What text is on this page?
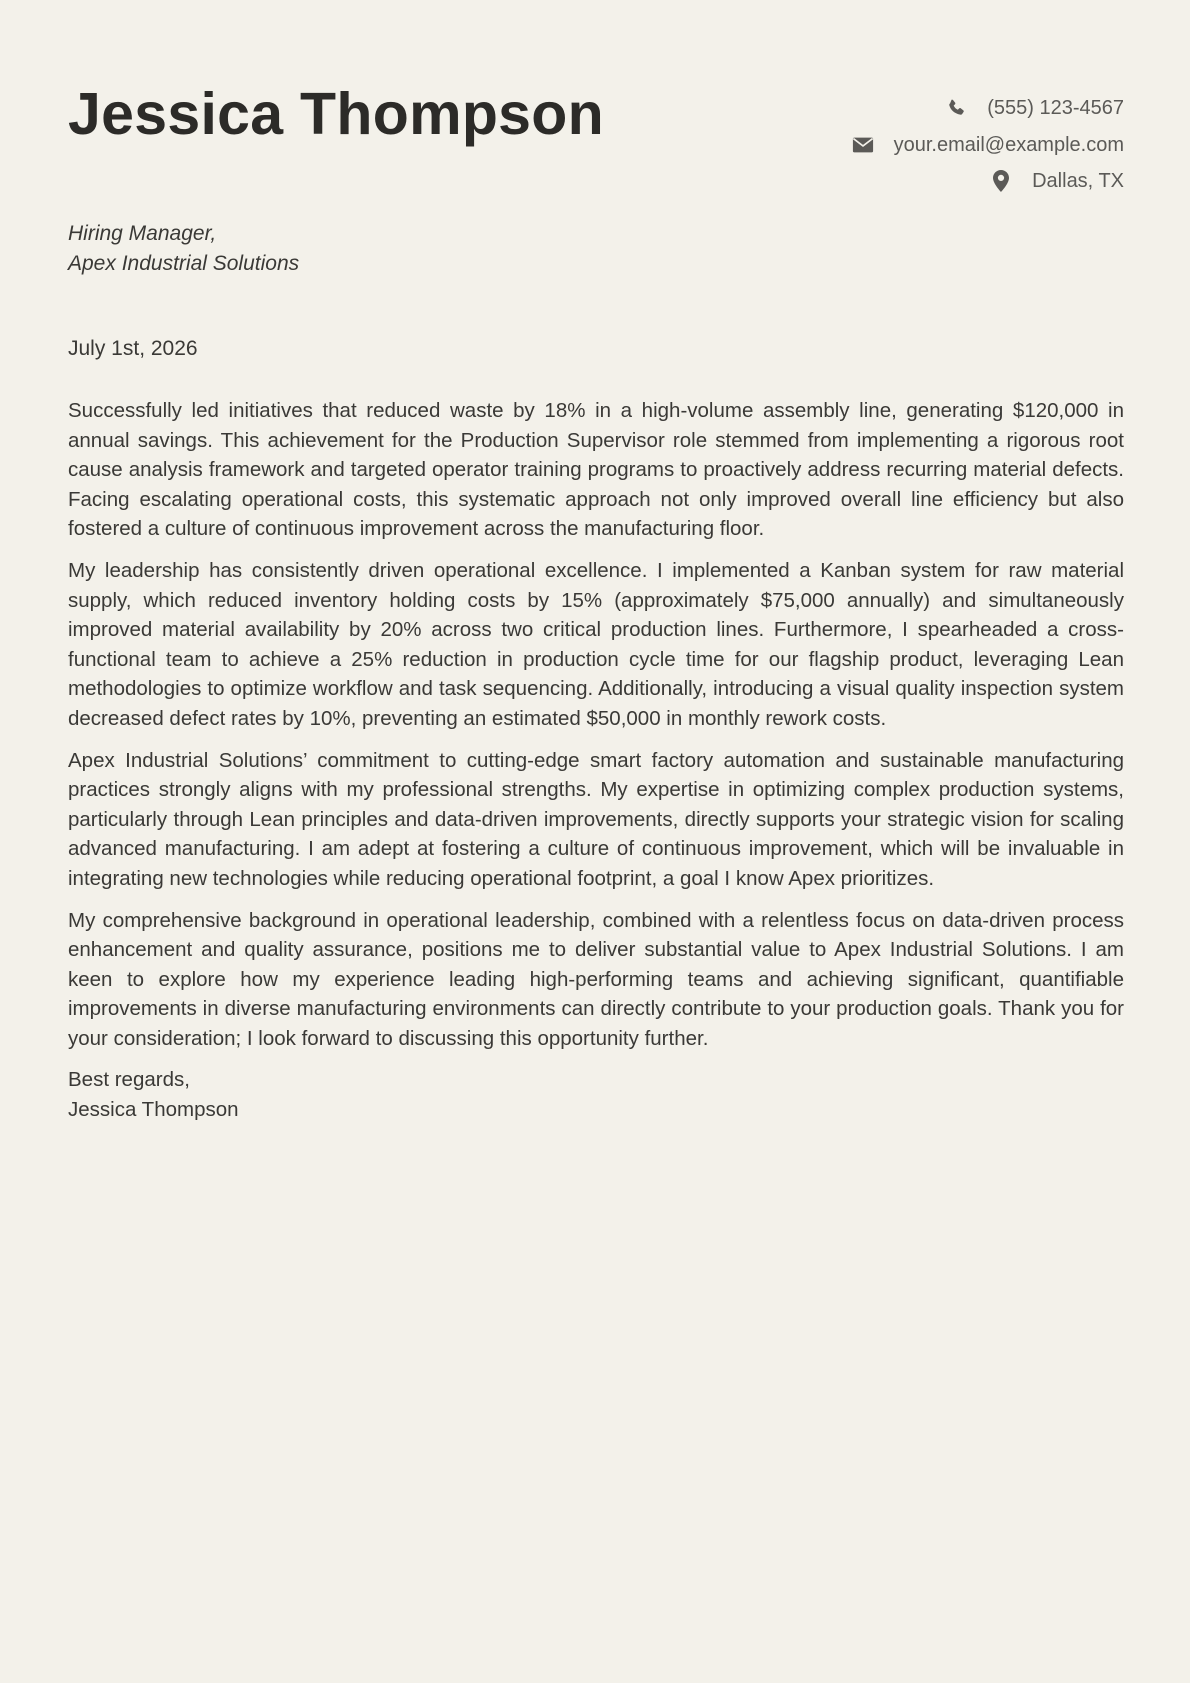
Jessica Thompson	(555) 123-4567
your.email@example.com
Dallas, TX
Hiring Manager,
Apex Industrial Solutions
July 1st, 2026

Successfully led initiatives that reduced waste by 18% in a high-volume assembly line, generating $120,000 in annual savings. This achievement for the Production Supervisor role stemmed from implementing a rigorous root cause analysis framework and targeted operator training programs to proactively address recurring material defects. Facing escalating operational costs, this systematic approach not only improved overall line efficiency but also fostered a culture of continuous improvement across the manufacturing floor.

My leadership has consistently driven operational excellence. I implemented a Kanban system for raw material supply, which reduced inventory holding costs by 15% (approximately $75,000 annually) and simultaneously improved material availability by 20% across two critical production lines. Furthermore, I spearheaded a cross-functional team to achieve a 25% reduction in production cycle time for our flagship product, leveraging Lean methodologies to optimize workflow and task sequencing. Additionally, introducing a visual quality inspection system decreased defect rates by 10%, preventing an estimated $50,000 in monthly rework costs.

Apex Industrial Solutions’ commitment to cutting-edge smart factory automation and sustainable manufacturing practices strongly aligns with my professional strengths. My expertise in optimizing complex production systems, particularly through Lean principles and data-driven improvements, directly supports your strategic vision for scaling advanced manufacturing. I am adept at fostering a culture of continuous improvement, which will be invaluable in integrating new technologies while reducing operational footprint, a goal I know Apex prioritizes.

My comprehensive background in operational leadership, combined with a relentless focus on data-driven process enhancement and quality assurance, positions me to deliver substantial value to Apex Industrial Solutions. I am keen to explore how my experience leading high-performing teams and achieving significant, quantifiable improvements in diverse manufacturing environments can directly contribute to your production goals. Thank you for your consideration; I look forward to discussing this opportunity further.

Best regards,
Jessica Thompson
